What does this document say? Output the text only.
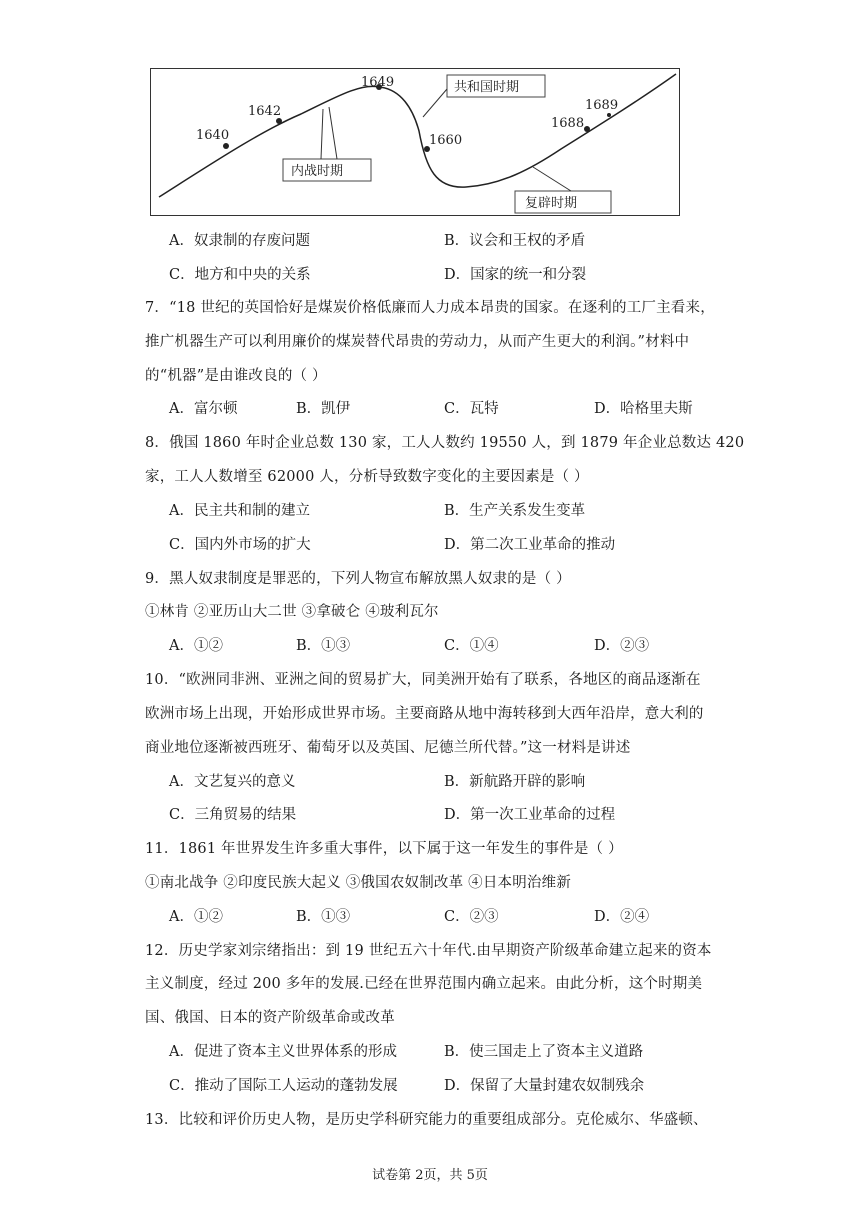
1640
1642
1649
1660
1688
1689
内战时期
共和国时期
复辟时期
A．奴隶制的存废问题	B．议会和王权的矛盾
C．地方和中央的关系	D．国家的统一和分裂
7．“18 世纪的英国恰好是煤炭价格低廉而人力成本昂贵的国家。在逐利的工厂主看来，
推广机器生产可以利用廉价的煤炭替代昂贵的劳动力，从而产生更大的利润。”材料中
的“机器”是由谁改良的（ ）
A．富尔顿	B．凯伊	C．瓦特	D．哈格里夫斯
8．俄国 1860 年时企业总数 130 家，工人人数约 19550 人，到 1879 年企业总数达 420
家，工人人数增至 62000 人，分析导致数字变化的主要因素是（ ）
A．民主共和制的建立	B．生产关系发生变革
C．国内外市场的扩大	D．第二次工业革命的推动
9．黑人奴隶制度是罪恶的，下列人物宣布解放黑人奴隶的是（ ）
①林肯 ②亚历山大二世 ③拿破仑 ④玻利瓦尔
A．①②	B．①③	C．①④	D．②③
10．“欧洲同非洲、亚洲之间的贸易扩大，同美洲开始有了联系，各地区的商品逐渐在
欧洲市场上出现，开始形成世界市场。主要商路从地中海转移到大西年沿岸，意大利的
商业地位逐渐被西班牙、葡萄牙以及英国、尼德兰所代替。”这一材料是讲述
A．文艺复兴的意义	B．新航路开辟的影响
C．三角贸易的结果	D．第一次工业革命的过程
11．1861 年世界发生许多重大事件，以下属于这一年发生的事件是（ ）
①南北战争 ②印度民族大起义 ③俄国农奴制改革 ④日本明治维新
A．①②	B．①③	C．②③	D．②④
12．历史学家刘宗绪指出：到 19 世纪五六十年代.由早期资产阶级革命建立起来的资本
主义制度，经过 200 多年的发展.已经在世界范围内确立起来。由此分析，这个时期美
国、俄国、日本的资产阶级革命或改革
A．促进了资本主义世界体系的形成	B．使三国走上了资本主义道路
C．推动了国际工人运动的蓬勃发展	D．保留了大量封建农奴制残余
13．比较和评价历史人物，是历史学科研究能力的重要组成部分。克伦威尔、华盛顿、
试卷第 2页，共 5页
